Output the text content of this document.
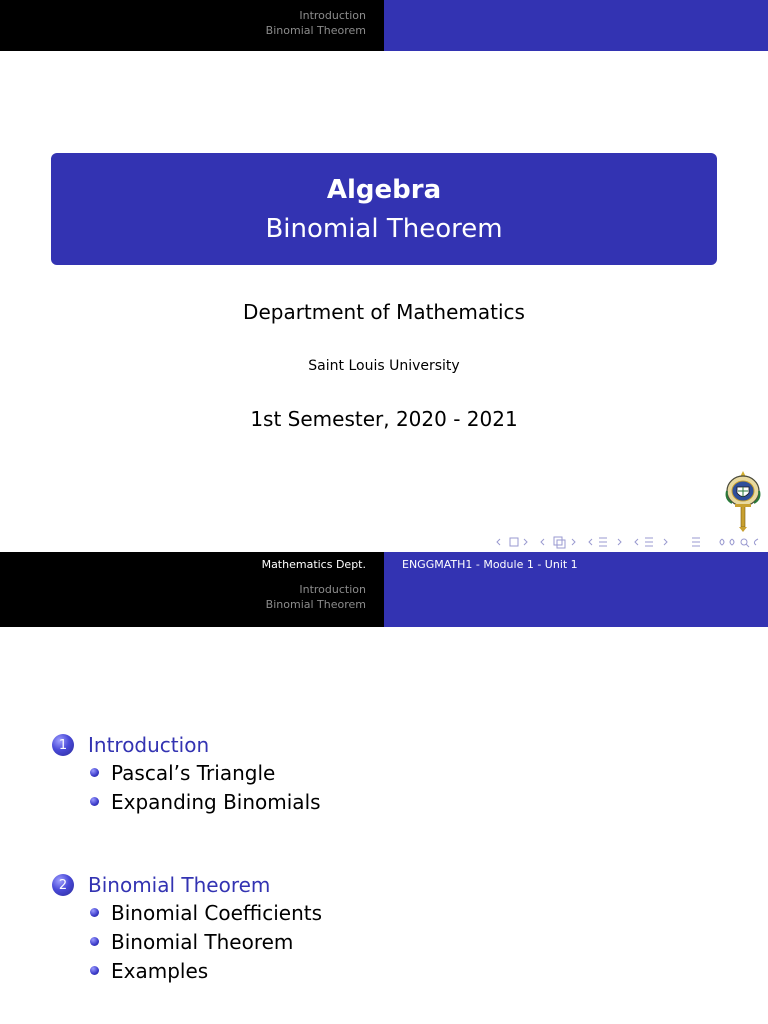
Introduction
Binomial Theorem
Algebra
Binomial Theorem
Department of Mathematics
Saint Louis University
1st Semester, 2020 - 2021
Mathematics Dept.	ENGGMATH1 - Module 1 - Unit 1
Introduction
Binomial Theorem
1	Introduction
Pascal’s Triangle
Expanding Binomials
2	Binomial Theorem
Binomial Coefficients
Binomial Theorem
Examples
